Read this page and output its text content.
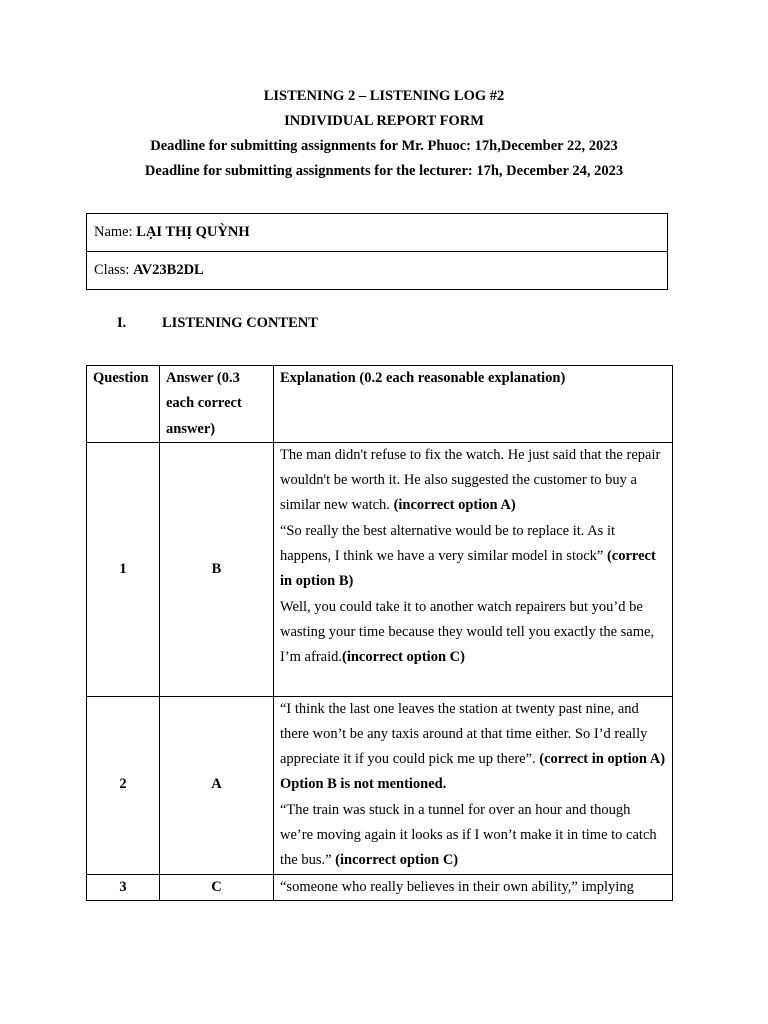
LISTENING 2 – LISTENING LOG #2
INDIVIDUAL REPORT FORM
Deadline for submitting assignments for Mr. Phuoc: 17h,December 22, 2023
Deadline for submitting assignments for the lecturer: 17h, December 24, 2023
Name: LẠI THỊ QUỲNH
Class: AV23B2DL
I. LISTENING CONTENT
Question	Answer (0.3 each correct answer)	Explanation (0.2 each reasonable explanation)
1	B	The man didn't refuse to fix the watch. He just said that the repair wouldn't be worth it. He also suggested the customer to buy a similar new watch. (incorrect option A)
“So really the best alternative would be to replace it. As it happens, I think we have a very similar model in stock” (correct in option B)
Well, you could take it to another watch repairers but you’d be wasting your time because they would tell you exactly the same, I’m afraid.(incorrect option C)
2	A	“I think the last one leaves the station at twenty past nine, and there won’t be any taxis around at that time either. So I’d really appreciate it if you could pick me up there”. (correct in option A)
Option B is not mentioned.
“The train was stuck in a tunnel for over an hour and though we’re moving again it looks as if I won’t make it in time to catch the bus.” (incorrect option C)
3	C	“someone who really believes in their own ability,” implying
